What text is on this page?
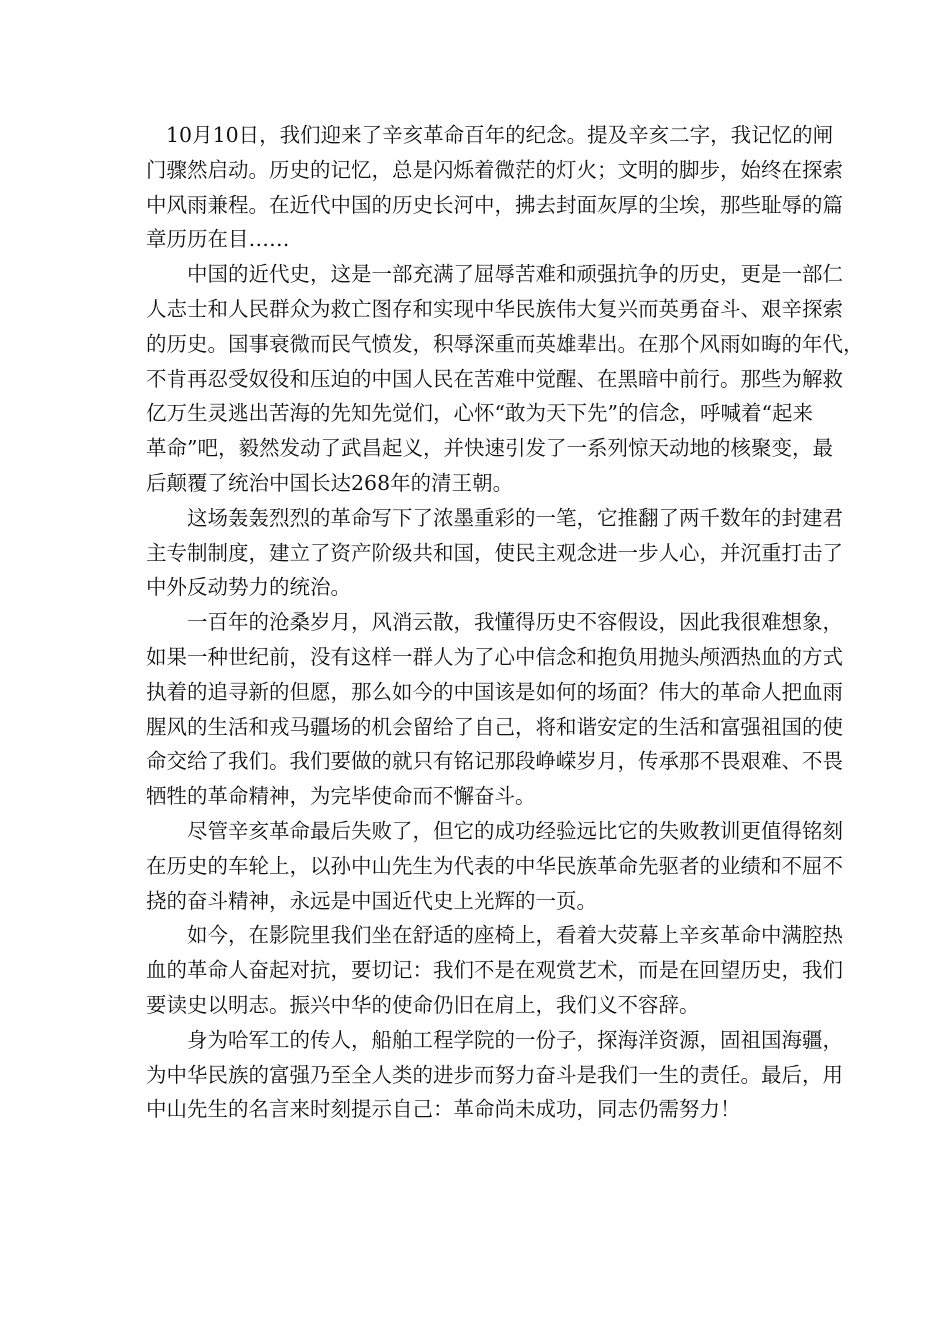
10月10日，我们迎来了辛亥革命百年的纪念。提及辛亥二字，我记忆的闸
门骤然启动。历史的记忆，总是闪烁着微茫的灯火；文明的脚步，始终在探索
中风雨兼程。在近代中国的历史长河中，拂去封面灰厚的尘埃，那些耻辱的篇
章历历在目……

中国的近代史，这是一部充满了屈辱苦难和顽强抗争的历史，更是一部仁
人志士和人民群众为救亡图存和实现中华民族伟大复兴而英勇奋斗、艰辛探索
的历史。国事衰微而民气愤发，积辱深重而英雄辈出。在那个风雨如晦的年代，
不肯再忍受奴役和压迫的中国人民在苦难中觉醒、在黑暗中前行。那些为解救
亿万生灵逃出苦海的先知先觉们，心怀“敢为天下先”的信念，呼喊着“起来
革命”吧，毅然发动了武昌起义，并快速引发了一系列惊天动地的核聚变，最
后颠覆了统治中国长达268年的清王朝。

这场轰轰烈烈的革命写下了浓墨重彩的一笔，它推翻了两千数年的封建君
主专制制度，建立了资产阶级共和国，使民主观念进一步人心，并沉重打击了
中外反动势力的统治。

一百年的沧桑岁月，风消云散，我懂得历史不容假设，因此我很难想象，
如果一种世纪前，没有这样一群人为了心中信念和抱负用抛头颅洒热血的方式
执着的追寻新的但愿，那么如今的中国该是如何的场面？伟大的革命人把血雨
腥风的生活和戎马疆场的机会留给了自己，将和谐安定的生活和富强祖国的使
命交给了我们。我们要做的就只有铭记那段峥嵘岁月，传承那不畏艰难、不畏
牺牲的革命精神，为完毕使命而不懈奋斗。

尽管辛亥革命最后失败了，但它的成功经验远比它的失败教训更值得铭刻
在历史的车轮上，以孙中山先生为代表的中华民族革命先驱者的业绩和不屈不
挠的奋斗精神，永远是中国近代史上光辉的一页。

如今，在影院里我们坐在舒适的座椅上，看着大荧幕上辛亥革命中满腔热
血的革命人奋起对抗，要切记：我们不是在观赏艺术，而是在回望历史，我们
要读史以明志。振兴中华的使命仍旧在肩上，我们义不容辞。

身为哈军工的传人，船舶工程学院的一份子，探海洋资源，固祖国海疆，
为中华民族的富强乃至全人类的进步而努力奋斗是我们一生的责任。最后，用
中山先生的名言来时刻提示自己：革命尚未成功，同志仍需努力！
